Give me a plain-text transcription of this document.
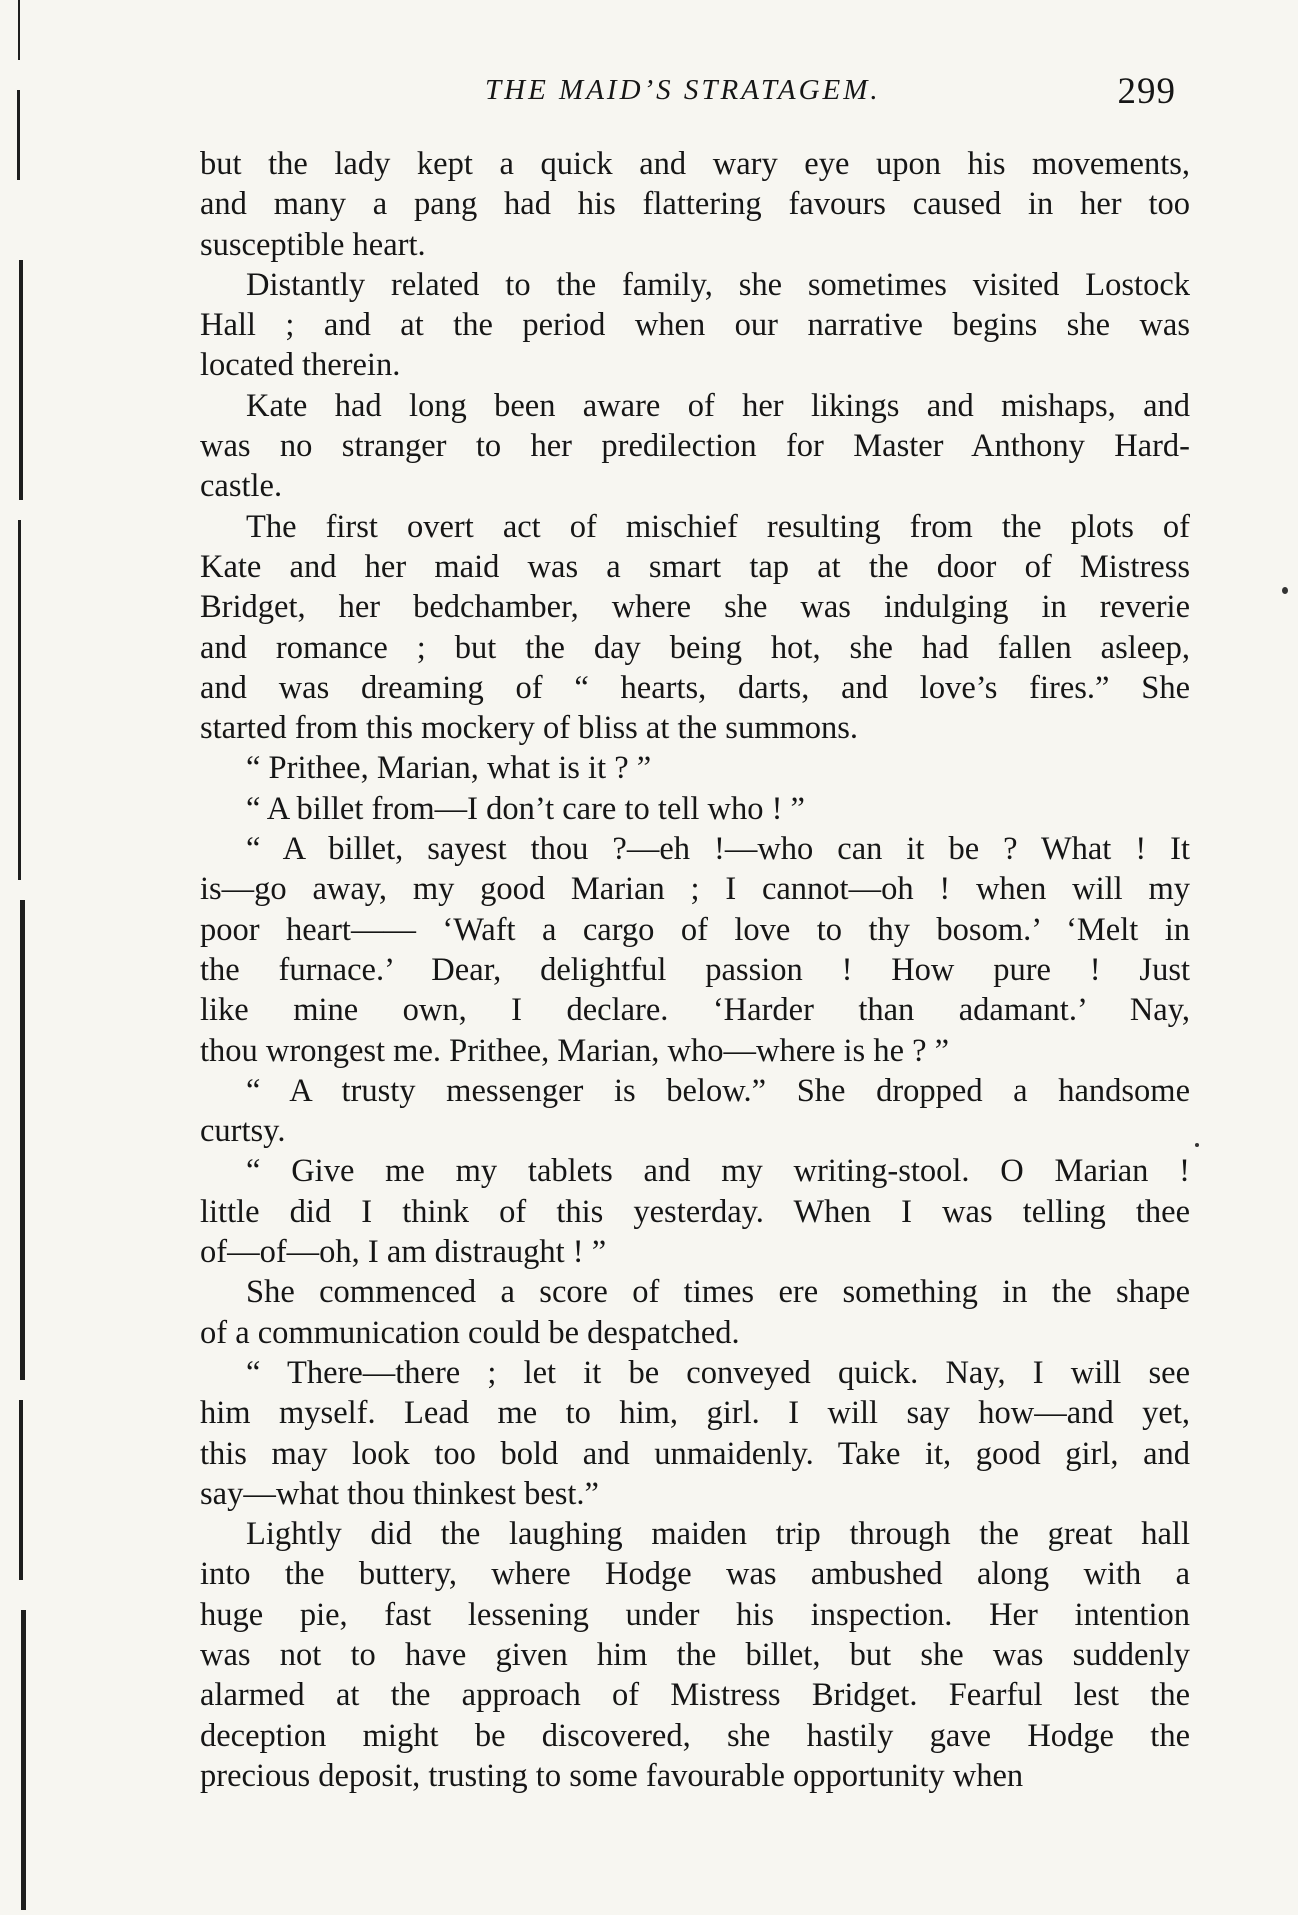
THE MAID’S STRATAGEM.	299
but the lady kept a quick and wary eye upon his movements,
and many a pang had his flattering favours caused in her too
susceptible heart.
Distantly related to the family, she sometimes visited Lostock
Hall ; and at the period when our narrative begins she was
located therein.
Kate had long been aware of her likings and mishaps, and
was no stranger to her predilection for Master Anthony Hard-
castle.
The first overt act of mischief resulting from the plots of
Kate and her maid was a smart tap at the door of Mistress
Bridget, her bedchamber, where she was indulging in reverie
and romance ; but the day being hot, she had fallen asleep,
and was dreaming of “ hearts, darts, and love’s fires.” She
started from this mockery of bliss at the summons.
“ Prithee, Marian, what is it ? ”
“ A billet from—I don’t care to tell who ! ”
“ A billet, sayest thou ?—eh !—who can it be ? What ! It
is—go away, my good Marian ; I cannot—oh ! when will my
poor heart—— ‘Waft a cargo of love to thy bosom.’ ‘Melt in
the furnace.’ Dear, delightful passion ! How pure ! Just
like mine own, I declare. ‘Harder than adamant.’ Nay,
thou wrongest me. Prithee, Marian, who—where is he ? ”
“ A trusty messenger is below.” She dropped a handsome
curtsy.
“ Give me my tablets and my writing-stool. O Marian !
little did I think of this yesterday. When I was telling thee
of—of—oh, I am distraught ! ”
She commenced a score of times ere something in the shape
of a communication could be despatched.
“ There—there ; let it be conveyed quick. Nay, I will see
him myself. Lead me to him, girl. I will say how—and yet,
this may look too bold and unmaidenly. Take it, good girl, and
say—what thou thinkest best.”
Lightly did the laughing maiden trip through the great hall
into the buttery, where Hodge was ambushed along with a
huge pie, fast lessening under his inspection. Her intention
was not to have given him the billet, but she was suddenly
alarmed at the approach of Mistress Bridget. Fearful lest the
deception might be discovered, she hastily gave Hodge the
precious deposit, trusting to some favourable opportunity when
